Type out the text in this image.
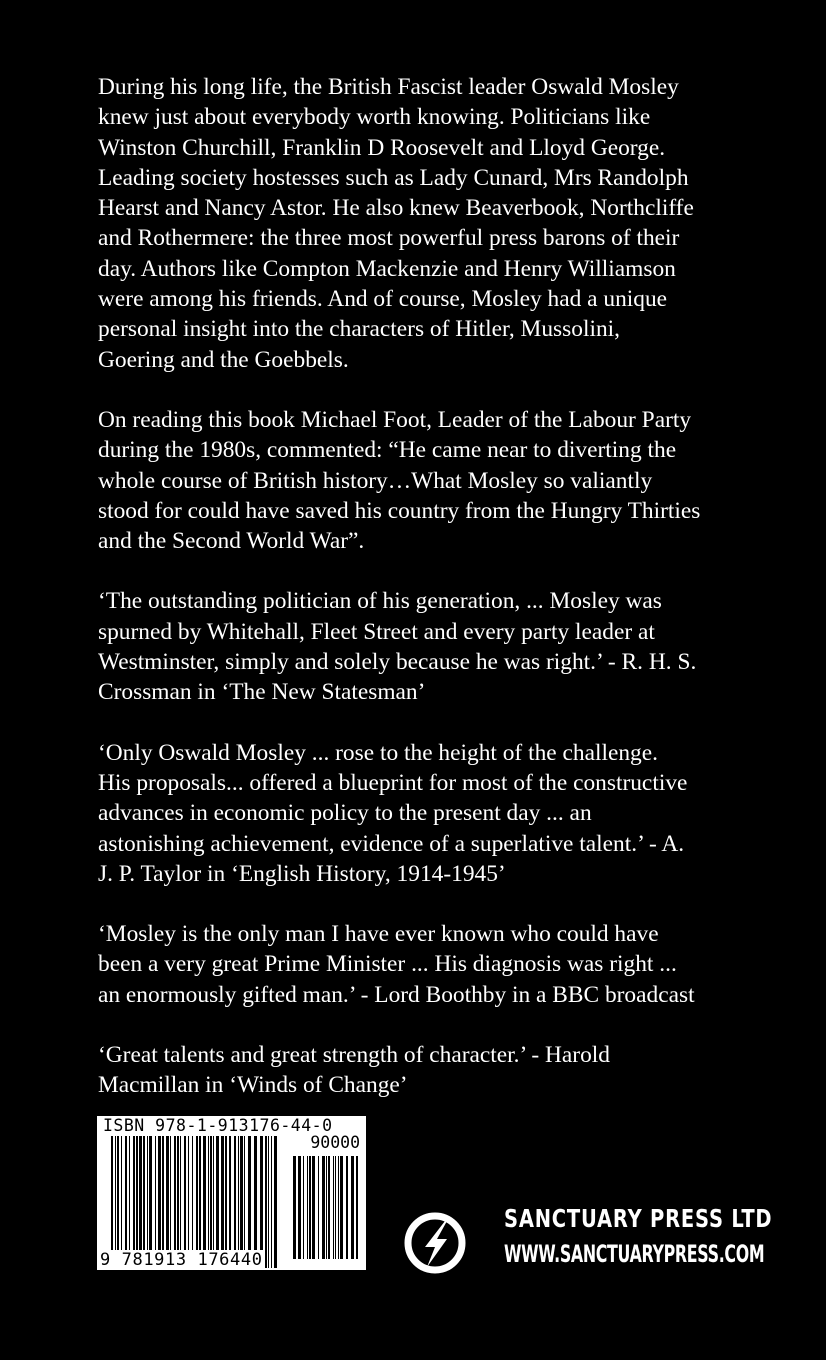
During his long life, the British Fascist leader Oswald Mosley
knew just about everybody worth knowing. Politicians like
Winston Churchill, Franklin D Roosevelt and Lloyd George.
Leading society hostesses such as Lady Cunard, Mrs Randolph
Hearst and Nancy Astor. He also knew Beaverbook, Northcliffe
and Rothermere: the three most powerful press barons of their
day. Authors like Compton Mackenzie and Henry Williamson
were among his friends. And of course, Mosley had a unique
personal insight into the characters of Hitler, Mussolini,
Goering and the Goebbels.
On reading this book Michael Foot, Leader of the Labour Party
during the 1980s, commented: “He came near to diverting the
whole course of British history…What Mosley so valiantly
stood for could have saved his country from the Hungry Thirties
and the Second World War”.
‘The outstanding politician of his generation, ... Mosley was
spurned by Whitehall, Fleet Street and every party leader at
Westminster, simply and solely because he was right.’ - R. H. S.
Crossman in ‘The New Statesman’
‘Only Oswald Mosley ... rose to the height of the challenge.
His proposals... offered a blueprint for most of the constructive
advances in economic policy to the present day ... an
astonishing achievement, evidence of a superlative talent.’ - A.
J. P. Taylor in ‘English History, 1914-1945’
‘Mosley is the only man I have ever known who could have
been a very great Prime Minister ... His diagnosis was right ...
an enormously gifted man.’ - Lord Boothby in a BBC broadcast
‘Great talents and great strength of character.’ - Harold
Macmillan in ‘Winds of Change’
ISBN 978-1-913176-44-0
90000
9 781913 176440
SANCTUARY PRESS LTD
WWW.SANCTUARYPRESS.COM
